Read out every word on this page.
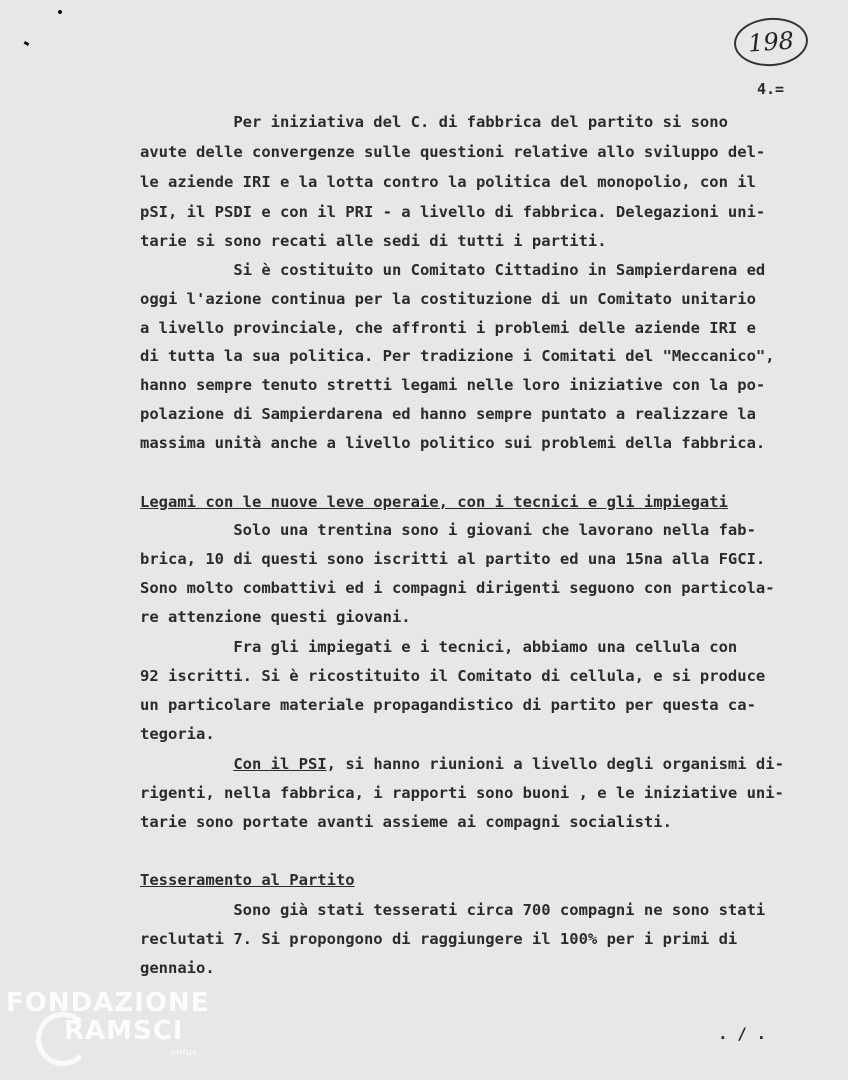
198
4.=
Per iniziativa del C. di fabbrica del partito si sono
avute delle convergenze sulle questioni relative allo sviluppo del-
le aziende IRI e la lotta contro la politica del monopolio, con il
pSI, il PSDI e con il PRI - a livello di fabbrica. Delegazioni uni-
tarie si sono recati alle sedi di tutti i partiti.
Si è costituito un Comitato Cittadino in Sampierdarena ed
oggi l'azione continua per la costituzione di un Comitato unitario
a livello provinciale, che affronti i problemi delle aziende IRI e
di tutta la sua politica. Per tradizione i Comitati del "Meccanico",
hanno sempre tenuto stretti legami nelle loro iniziative con la po-
polazione di Sampierdarena ed hanno sempre puntato a realizzare la
massima unità anche a livello politico sui problemi della fabbrica.
Legami con le nuove leve operaie, con i tecnici e gli impiegati
Solo una trentina sono i giovani che lavorano nella fab-
brica, 10 di questi sono iscritti al partito ed una 15na alla FGCI.
Sono molto combattivi ed i compagni dirigenti seguono con particola-
re attenzione questi giovani.
Fra gli impiegati e i tecnici, abbiamo una cellula con
92 iscritti. Si è ricostituito il Comitato di cellula, e si produce
un particolare materiale propagandistico di partito per questa ca-
tegoria.
Con il PSI, si hanno riunioni a livello degli organismi di-
rigenti, nella fabbrica, i rapporti sono buoni , e le iniziative uni-
tarie sono portate avanti assieme ai compagni socialisti.
Tesseramento al Partito
Sono già stati tesserati circa 700 compagni ne sono stati
reclutati 7. Si propongono di raggiungere il 100% per i primi di
gennaio.
. / .
FONDAZIONE
RAMSCI
onlus
